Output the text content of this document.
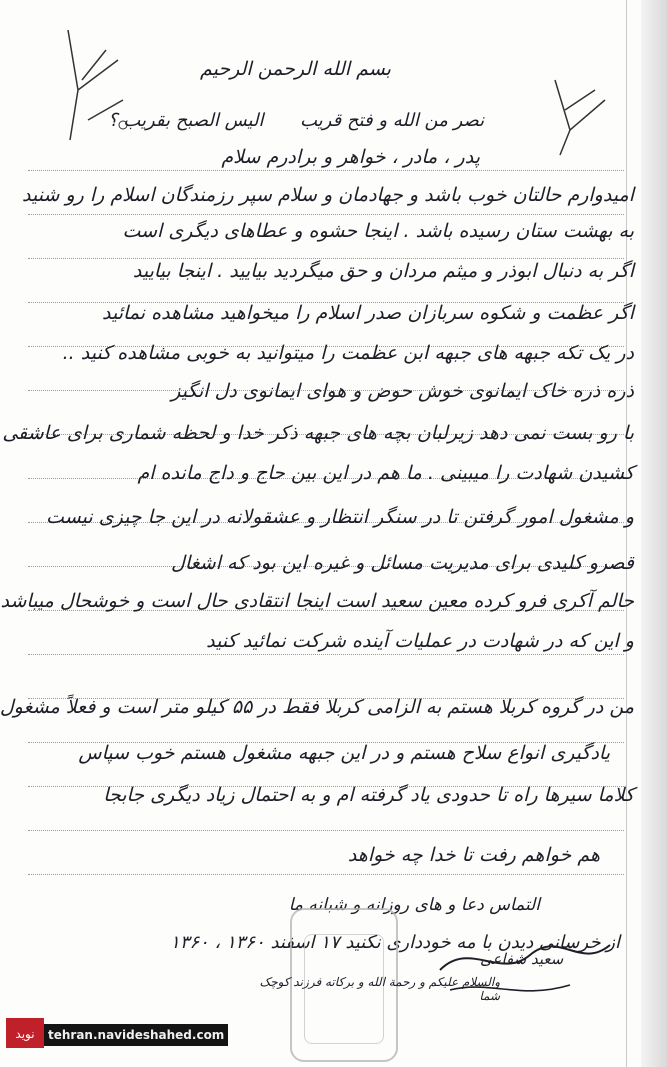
بسم الله الرحمن الرحیم
نصر من الله و فتح قریب
الیس الصبح بقریب ؟
پدر ، مادر ، خواهر و برادرم سلام
امیدوارم حالتان خوب باشد و جهادمان و سلام سپر رزمندگان اسلام را رو شنید
به بهشت ستان رسیده باشد . اینجا حشوه و عطاهای دیگری است
اگر به دنبال ابوذر و میثم مردان و حق میگردید بیایید . اینجا بیایید
اگر عظمت و شکوه سربازان صدر اسلام را میخواهید مشاهده نمائید
در یک تکه جبهه های جبهه ابن عظمت را میتوانید به خوبی مشاهده کنید ..
ذره ذره خاک ایمانوی خوش حوض و هوای ایمانوی دل انگیز
با رو بست نمی دهد زیرلبان بچه های جبهه ذکر خدا و لحظه شماری برای عاشقی
کشیدن شهادت را میبینی . ما هم در این بین حاج و داج مانده ام
و مشغول امور گرفتن تا در سنگر انتظار و عشقولانه در این جا چیزی نیست
قصرو کلیدی برای مدیریت مسائل و غیره این بود که اشغال
حالم آکری فرو کرده معین سعید است اینجا انتقادی حال است و خوشحال میباشد
و این که در شهادت در عملیات آینده شرکت نمائید کنید
من در گروه کربلا هستم به الزامی کربلا فقط در ۵۵ کیلو متر است و فعلاً مشغول
یادگیری انواع سلاح هستم و در این جبهه مشغول هستم خوب سپاس
کلاما سیرها راه تا حدودی یاد گرفته ام و به احتمال زیاد دیگری جابجا
هم خواهم رفت تا خدا چه خواهد
التماس دعا و های روزانه و شبانه ما
از خرسانی دیدن با مه خودداری نکنید ۱۷ اسفند ۱۳۶۰ ، ۱۳۶۰
سعید شفاعی
والسلام علیکم و رحمة الله و برکاته فرزند کوچک شما
نوید	tehran.navideshahed.com
